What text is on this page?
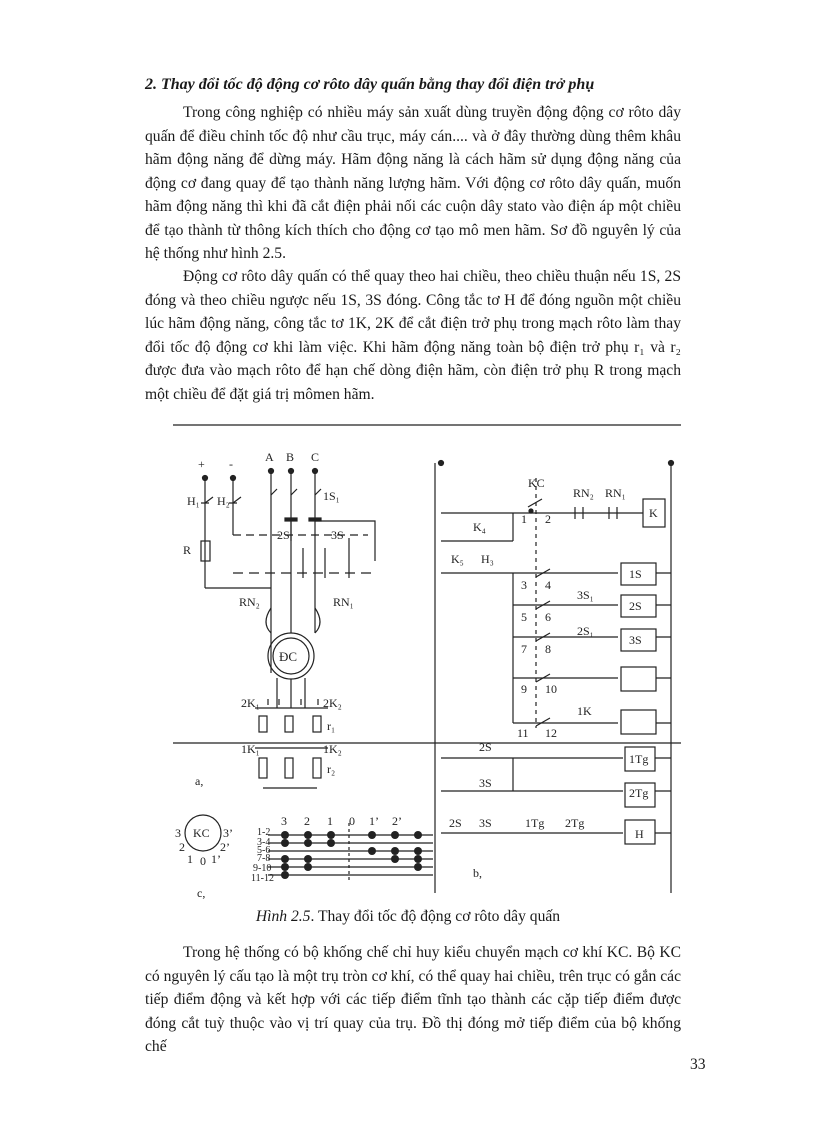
2. Thay đổi tốc độ động cơ rôto dây quấn bằng thay đổi điện trở phụ

Trong công nghiệp có nhiều máy sản xuất dùng truyền động động cơ rôto dây quấn để điều chỉnh tốc độ như cầu trục, máy cán.... và ở đây thường dùng thêm khâu hãm động năng để dừng máy. Hãm động năng là cách hãm sử dụng động năng của động cơ đang quay để tạo thành năng lượng hãm. Với động cơ rôto dây quấn, muốn hãm động năng thì khi đã cắt điện phải nối các cuộn dây stato vào điện áp một chiều để tạo thành từ thông kích thích cho động cơ tạo mô men hãm. Sơ đồ nguyên lý của hệ thống như hình 2.5.

Động cơ rôto dây quấn có thể quay theo hai chiều, theo chiều thuận nếu 1S, 2S đóng và theo chiều ngược nếu 1S, 3S đóng. Công tắc tơ H để đóng nguồn một chiều lúc hãm động năng, công tắc tơ 1K, 2K để cắt điện trở phụ trong mạch rôto làm thay đổi tốc độ động cơ khi làm việc. Khi hãm động năng toàn bộ điện trở phụ r₁ và r₂ được đưa vào mạch rôto để hạn chế dòng điện hãm, còn điện trở phụ R trong mạch một chiều để đặt giá trị mômen hãm.

+ -	A B C
H₁ H₂
R
1S₁
2S	3S
RN₂	RN₁
ĐC
2K₁	2K₂
r₁
1K₁	1K₂
r₂
a,
KC
RN₂ RN₁
K
K₄
K₅ H₃
1 2
3 4
5 6
7 8
9 10
11 12
3S₁
2S₁
1K
1S
2S
3S
2S
3S
1Tg
2Tg
2S 3S	1Tg 2Tg
H
b,
KC
3
2
1 0 1’
2’
3’ 1-2
3-4
5-6
7-8
9-10
11-12
3 2 1 0 1’ 2’
c,
Hình 2.5. Thay đổi tốc độ động cơ rôto dây quấn

Trong hệ thống có bộ khống chế chỉ huy kiểu chuyển mạch cơ khí KC. Bộ KC có nguyên lý cấu tạo là một trụ tròn cơ khí, có thể quay hai chiều, trên trục có gắn các tiếp điểm động và kết hợp với các tiếp điểm tĩnh tạo thành các cặp tiếp điểm được đóng cắt tuỳ thuộc vào vị trí quay của trụ. Đồ thị đóng mở tiếp điểm của bộ khống chế

33
